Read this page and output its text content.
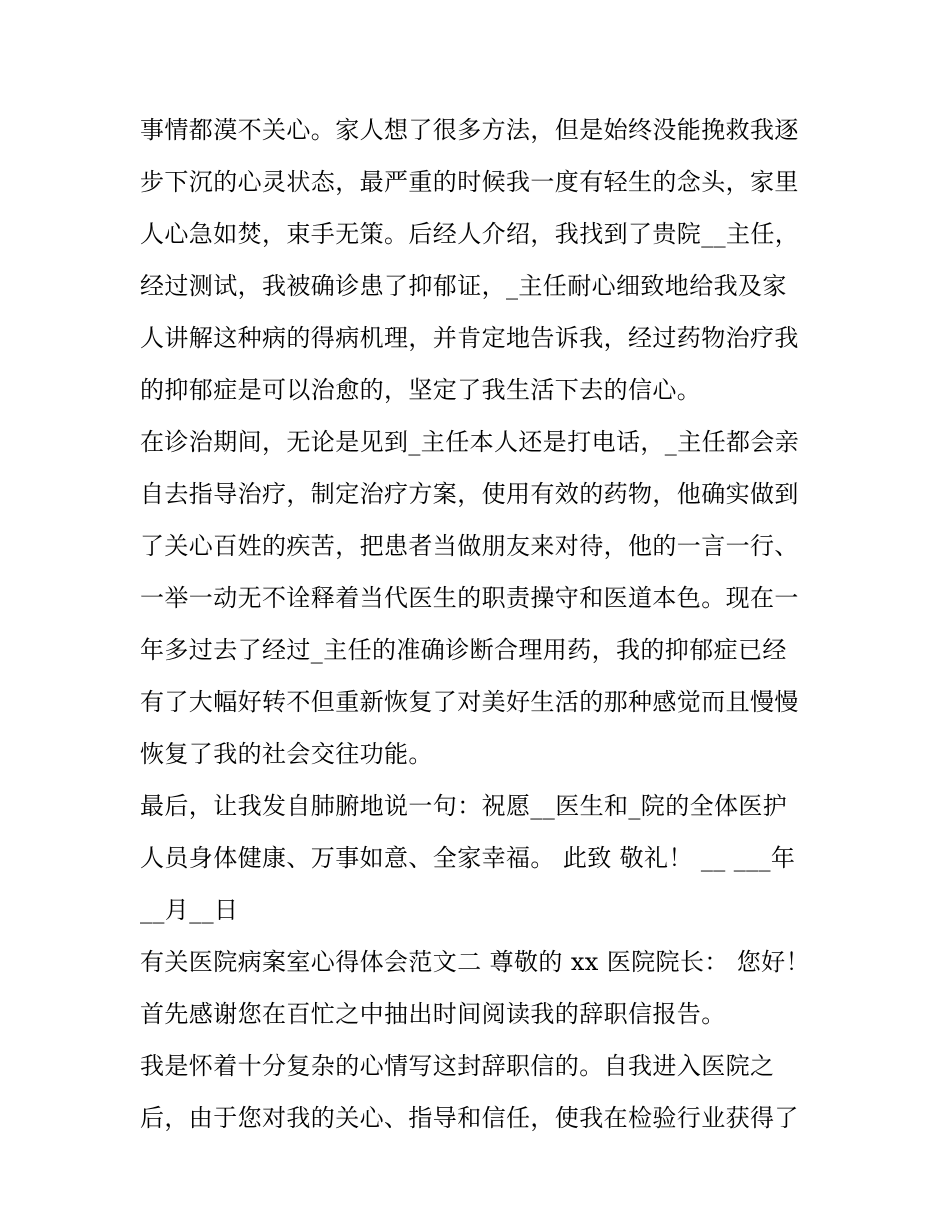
事情都漠不关心。家人想了很多方法，但是始终没能挽救我逐
步下沉的心灵状态，最严重的时候我一度有轻生的念头，家里
人心急如焚，束手无策。后经人介绍，我找到了贵院__主任，
经过测试，我被确诊患了抑郁证，_主任耐心细致地给我及家
人讲解这种病的得病机理，并肯定地告诉我，经过药物治疗我
的抑郁症是可以治愈的，坚定了我生活下去的信心。
在诊治期间，无论是见到_主任本人还是打电话，_主任都会亲
自去指导治疗，制定治疗方案，使用有效的药物，他确实做到
了关心百姓的疾苦，把患者当做朋友来对待，他的一言一行、
一举一动无不诠释着当代医生的职责操守和医道本色。现在一
年多过去了经过_主任的准确诊断合理用药，我的抑郁症已经
有了大幅好转不但重新恢复了对美好生活的那种感觉而且慢慢
恢复了我的社会交往功能。
最后，让我发自肺腑地说一句：祝愿__医生和_院的全体医护
人员身体健康、万事如意、全家幸福。 此致 敬礼！ __ ___年
__月__日
有关医院病案室心得体会范文二 尊敬的 xx 医院院长： 您好！
首先感谢您在百忙之中抽出时间阅读我的辞职信报告。
我是怀着十分复杂的心情写这封辞职信的。自我进入医院之
后，由于您对我的关心、指导和信任，使我在检验行业获得了
